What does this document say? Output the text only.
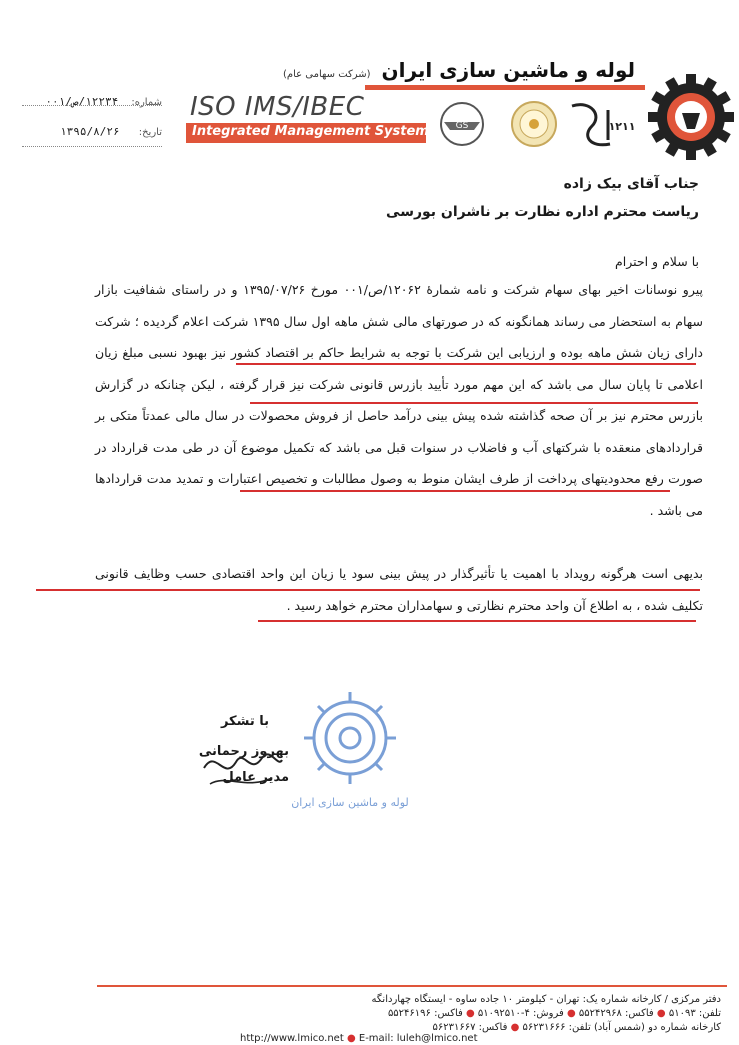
لوله و ماشین سازی ایران (شرکت سهامی عام)
ISO IMS/IBEC
Integrated Management System	GS	۱۲۱۱
شماره: ۱۲۲۳۴/ص/۰۰۱
تاریخ: ۱۳۹۵/۸/۲۶
جناب آقای بیک زاده
ریاست محترم اداره نظارت بر ناشران بورسی
با سلام و احترام
پیرو نوسانات اخیر بهای سهام شرکت و نامه شمارهٔ ۱۲۰۶۲/ص/۰۰۱ مورخ ۱۳۹۵/۰۷/۲۶ و در راستای شفافیت بازار سهام به استحضار می رساند همانگونه که در صورتهای مالی شش ماهه اول سال ۱۳۹۵ شرکت اعلام گردیده ؛ شرکت دارای زیان شش ماهه بوده و ارزیابی این شرکت با توجه به شرایط حاکم بر اقتصاد کشور نیز بهبود نسبی مبلغ زیان اعلامی تا پایان سال می باشد که این مهم مورد تأیید بازرس قانونی شرکت نیز قرار گرفته ، لیکن چنانکه در گزارش بازرس محترم نیز بر آن صحه گذاشته شده پیش بینی درآمد حاصل از فروش محصولات در سال مالی عمدتاً متکی بر قراردادهای منعقده با شرکتهای آب و فاضلاب در سنوات قبل می باشد که تکمیل موضوع آن در طی مدت قرارداد در صورت رفع محدودیتهای پرداخت از طرف ایشان منوط به وصول مطالبات و تخصیص اعتبارات و تمدید مدت قراردادها می باشد .
بدیهی است هرگونه رویداد با اهمیت یا تأثیرگذار در پیش بینی سود یا زیان این واحد اقتصادی حسب وظایف قانونی تکلیف شده ، به اطلاع آن واحد محترم نظارتی و سهامداران محترم خواهد رسید .
با تشکر
بهروز رحمانی
مدیر عامل
لوله و ماشین سازی ایران
دفتر مرکزی / کارخانه شماره یک: تهران - کیلومتر ۱۰ جاده ساوه - ایستگاه چهاردانگه
تلفن: ۵۱۰۹۳ ● فاکس: ۵۵۲۴۲۹۶۸ ● فروش: ۴-۵۱۰۹۲۵۱۰ ● فاکس: ۵۵۲۴۶۱۹۶
کارخانه شماره دو (شمس آباد) تلفن: ۵۶۲۳۱۶۶۶ ● فاکس: ۵۶۲۳۱۶۶۷
http://www.lmico.net ● E-mail: luleh@lmico.net
